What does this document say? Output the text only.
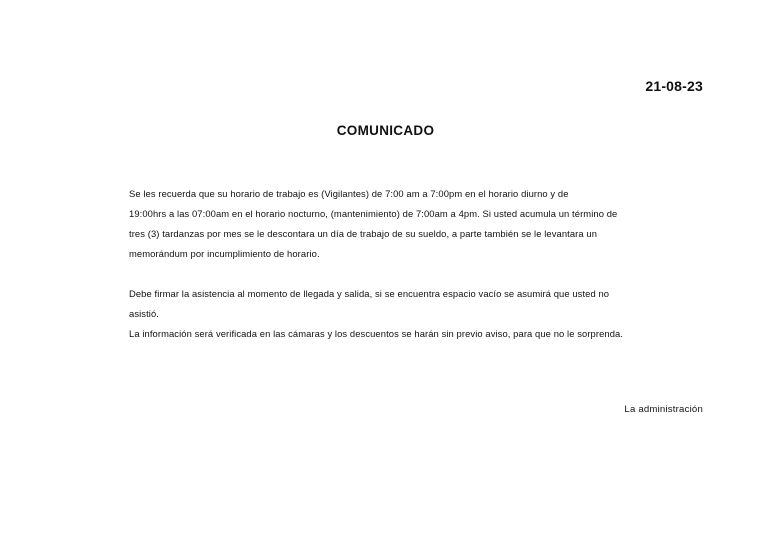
21-08-23
COMUNICADO
Se les recuerda que su horario de trabajo es (Vigilantes) de 7:00 am a 7:00pm en el horario diurno y de
19:00hrs a las 07:00am en el horario nocturno, (mantenimiento) de 7:00am a 4pm. Si usted acumula un término de
tres (3) tardanzas por mes se le descontara un día de trabajo de su sueldo, a parte también se le levantara un
memorándum por incumplimiento de horario.
Debe firmar la asistencia al momento de llegada y salida, si se encuentra espacio vacío se asumirá que usted no
asistió.
La información será verificada en las cámaras y los descuentos se harán sin previo aviso, para que no le sorprenda.
La administración
